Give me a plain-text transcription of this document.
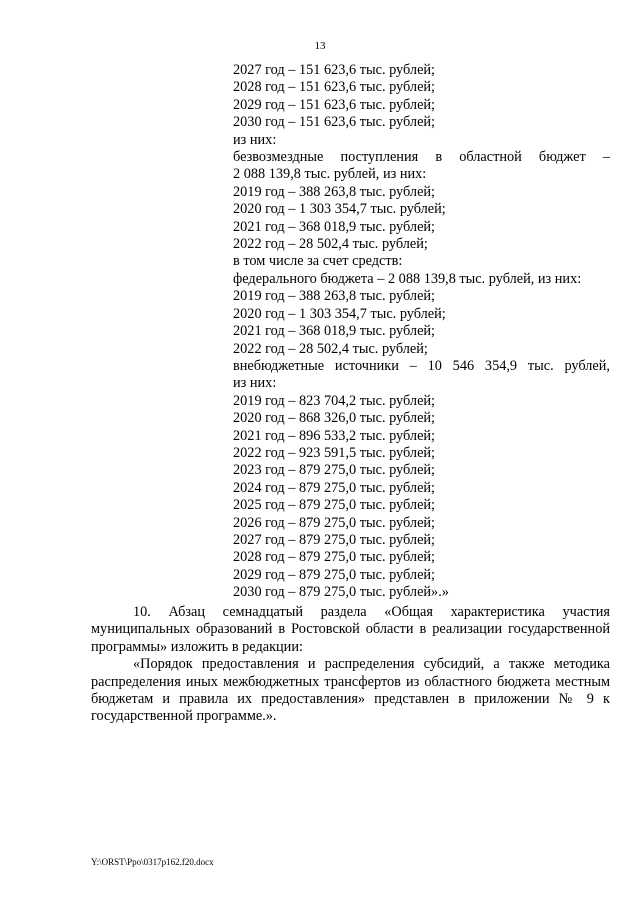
13
2027 год – 151 623,6 тыс. рублей;
2028 год – 151 623,6 тыс. рублей;
2029 год – 151 623,6 тыс. рублей;
2030 год – 151 623,6 тыс. рублей;
из них:
безвозмездные поступления в областной бюджет –
2 088 139,8 тыс. рублей, из них:
2019 год – 388 263,8 тыс. рублей;
2020 год – 1 303 354,7 тыс. рублей;
2021 год – 368 018,9 тыс. рублей;
2022 год – 28 502,4 тыс. рублей;
в том числе за счет средств:
федерального бюджета – 2 088 139,8 тыс. рублей, из них:
2019 год – 388 263,8 тыс. рублей;
2020 год – 1 303 354,7 тыс. рублей;
2021 год – 368 018,9 тыс. рублей;
2022 год – 28 502,4 тыс. рублей;
внебюджетные источники – 10 546 354,9 тыс. рублей,
из них:
2019 год – 823 704,2 тыс. рублей;
2020 год – 868 326,0 тыс. рублей;
2021 год – 896 533,2 тыс. рублей;
2022 год – 923 591,5 тыс. рублей;
2023 год – 879 275,0 тыс. рублей;
2024 год – 879 275,0 тыс. рублей;
2025 год – 879 275,0 тыс. рублей;
2026 год – 879 275,0 тыс. рублей;
2027 год – 879 275,0 тыс. рублей;
2028 год – 879 275,0 тыс. рублей;
2029 год – 879 275,0 тыс. рублей;
2030 год – 879 275,0 тыс. рублей».»

10. Абзац семнадцатый раздела «Общая характеристика участия муниципальных образований в Ростовской области в реализации государственной программы» изложить в редакции:

«Порядок предоставления и распределения субсидий, а также методика распределения иных межбюджетных трансфертов из областного бюджета местным бюджетам и правила их предоставления» представлен в приложении № 9 к государственной программе.».

Y:\ORST\Ppo\0317p162.f20.docx
